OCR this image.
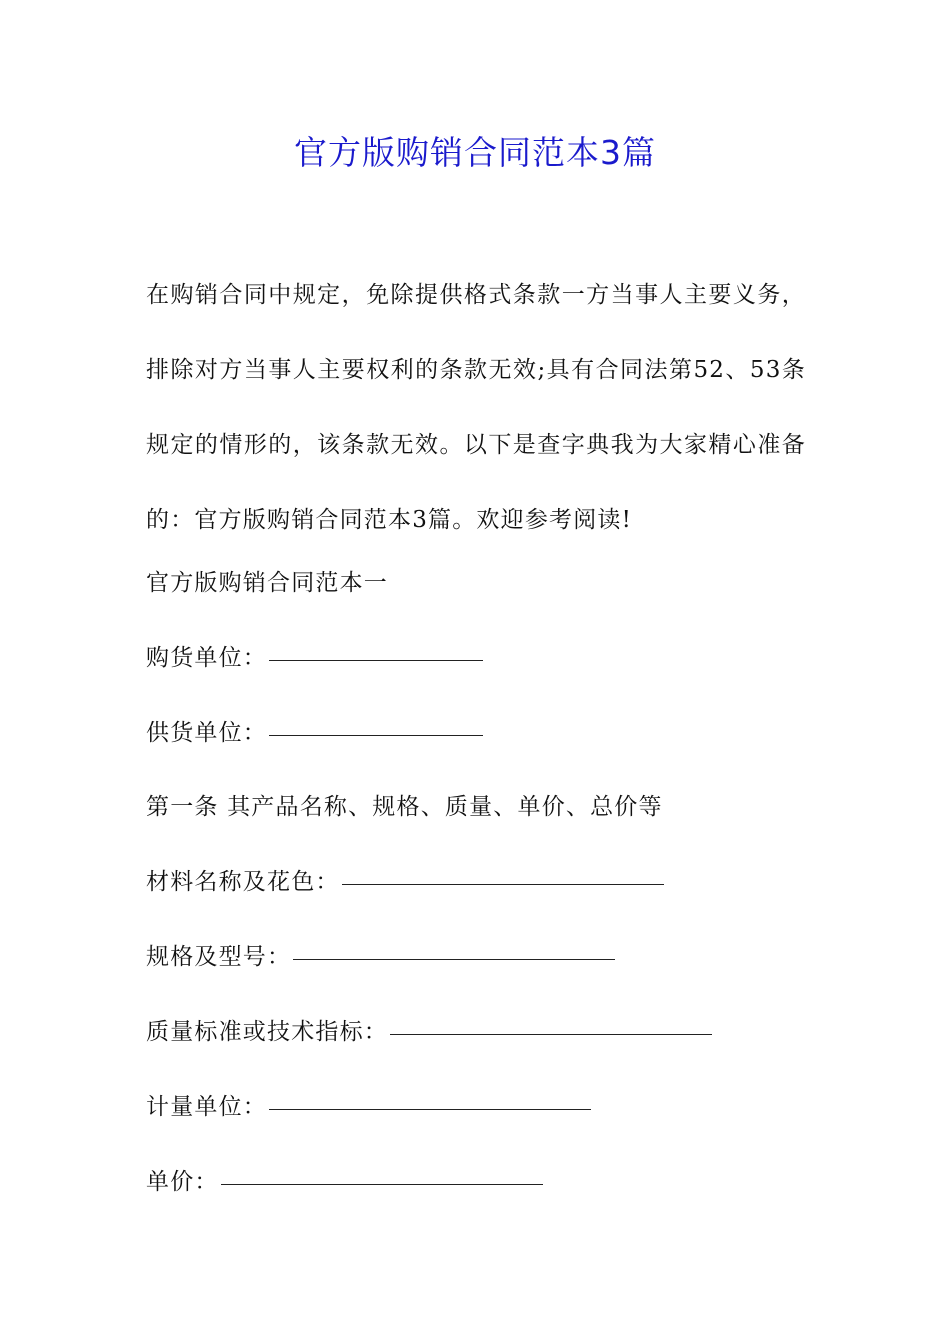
官方版购销合同范本3篇
在购销合同中规定，免除提供格式条款一方当事人主要义务，排除对方当事人主要权利的条款无效;具有合同法第52、53条规定的情形的，该条款无效。以下是查字典我为大家精心准备的：官方版购销合同范本3篇。欢迎参考阅读!
官方版购销合同范本一
购货单位：
供货单位：
第一条 其产品名称、规格、质量、单价、总价等
材料名称及花色：
规格及型号：
质量标准或技术指标：
计量单位：
单价：
